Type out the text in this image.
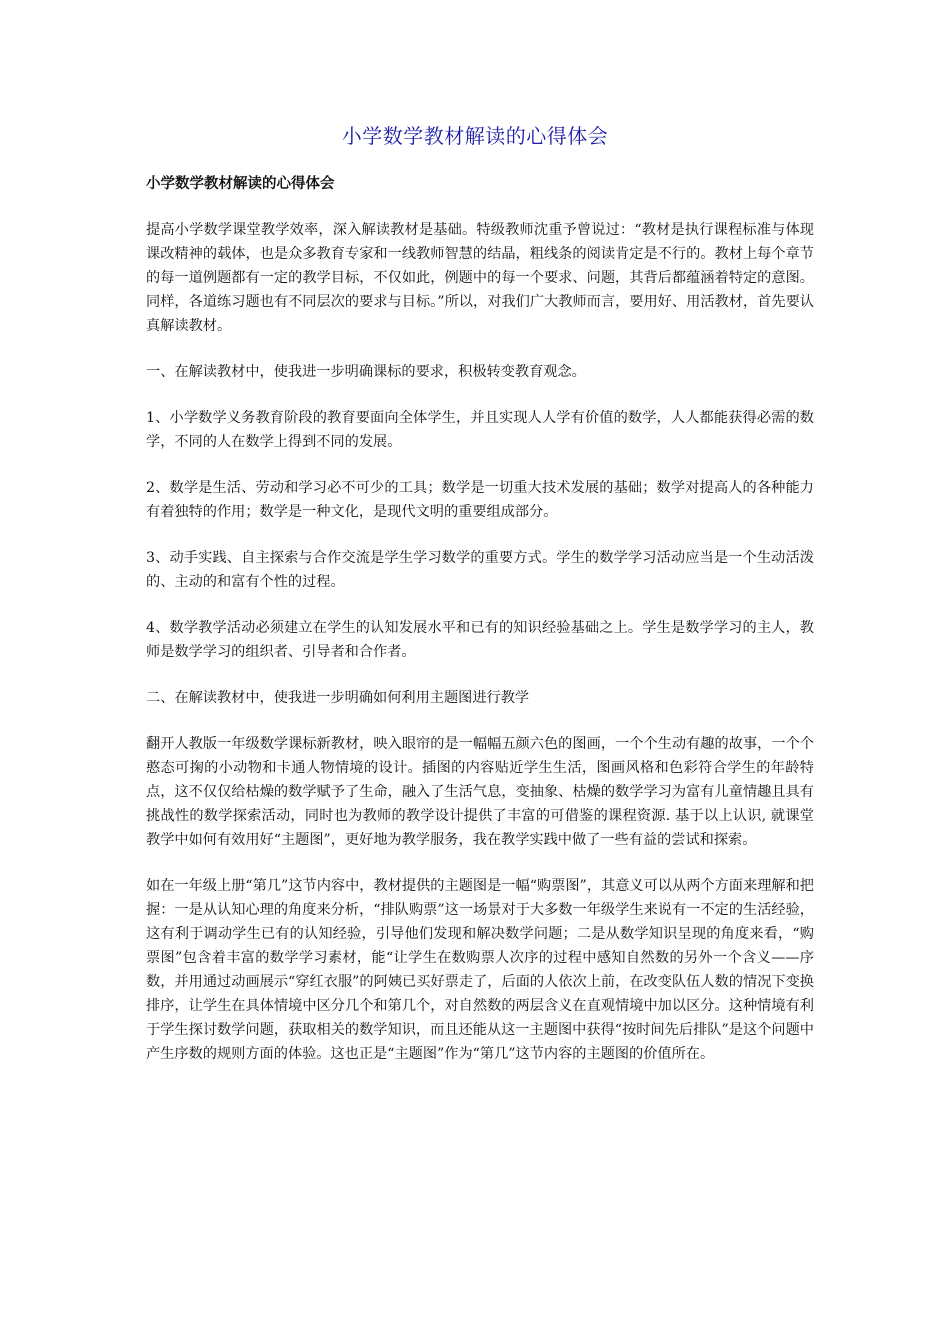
小学数学教材解读的心得体会
小学数学教材解读的心得体会

提高小学数学课堂教学效率，深入解读教材是基础。特级教师沈重予曾说过：“教材是执行课程标准与体现课改精神的载体，也是众多教育专家和一线教师智慧的结晶，粗线条的阅读肯定是不行的。教材上每个章节的每一道例题都有一定的教学目标，不仅如此，例题中的每一个要求、问题，其背后都蕴涵着特定的意图。同样，各道练习题也有不同层次的要求与目标。”所以，对我们广大教师而言，要用好、用活教材，首先要认真解读教材。

一、在解读教材中，使我进一步明确课标的要求，积极转变教育观念。

1、小学数学义务教育阶段的教育要面向全体学生，并且实现人人学有价值的数学，人人都能获得必需的数学，不同的人在数学上得到不同的发展。

2、数学是生活、劳动和学习必不可少的工具；数学是一切重大技术发展的基础；数学对提高人的各种能力有着独特的作用；数学是一种文化，是现代文明的重要组成部分。

3、动手实践、自主探索与合作交流是学生学习数学的重要方式。学生的数学学习活动应当是一个生动活泼的、主动的和富有个性的过程。

4、数学教学活动必须建立在学生的认知发展水平和已有的知识经验基础之上。学生是数学学习的主人，教师是数学学习的组织者、引导者和合作者。

二、在解读教材中，使我进一步明确如何利用主题图进行教学

翻开人教版一年级数学课标新教材，映入眼帘的是一幅幅五颜六色的图画，一个个生动有趣的故事，一个个憨态可掬的小动物和卡通人物情境的设计。插图的内容贴近学生生活，图画风格和色彩符合学生的年龄特点，这不仅仅给枯燥的数学赋予了生命，融入了生活气息，变抽象、枯燥的数学学习为富有儿童情趣且具有挑战性的数学探索活动，同时也为教师的教学设计提供了丰富的可借鉴的课程资源. 基于以上认识, 就课堂教学中如何有效用好“主题图”，更好地为教学服务，我在教学实践中做了一些有益的尝试和探索。

如在一年级上册“第几”这节内容中，教材提供的主题图是一幅“购票图”，其意义可以从两个方面来理解和把握：一是从认知心理的角度来分析，“排队购票”这一场景对于大多数一年级学生来说有一不定的生活经验，这有利于调动学生已有的认知经验，引导他们发现和解决数学问题；二是从数学知识呈现的角度来看，“购票图”包含着丰富的数学学习素材，能“让学生在数购票人次序的过程中感知自然数的另外一个含义——序数，并用通过动画展示“穿红衣服”的阿姨已买好票走了，后面的人依次上前，在改变队伍人数的情况下变换排序，让学生在具体情境中区分几个和第几个，对自然数的两层含义在直观情境中加以区分。这种情境有利于学生探讨数学问题，获取相关的数学知识，而且还能从这一主题图中获得“按时间先后排队”是这个问题中产生序数的规则方面的体验。这也正是“主题图”作为“第几”这节内容的主题图的价值所在。
